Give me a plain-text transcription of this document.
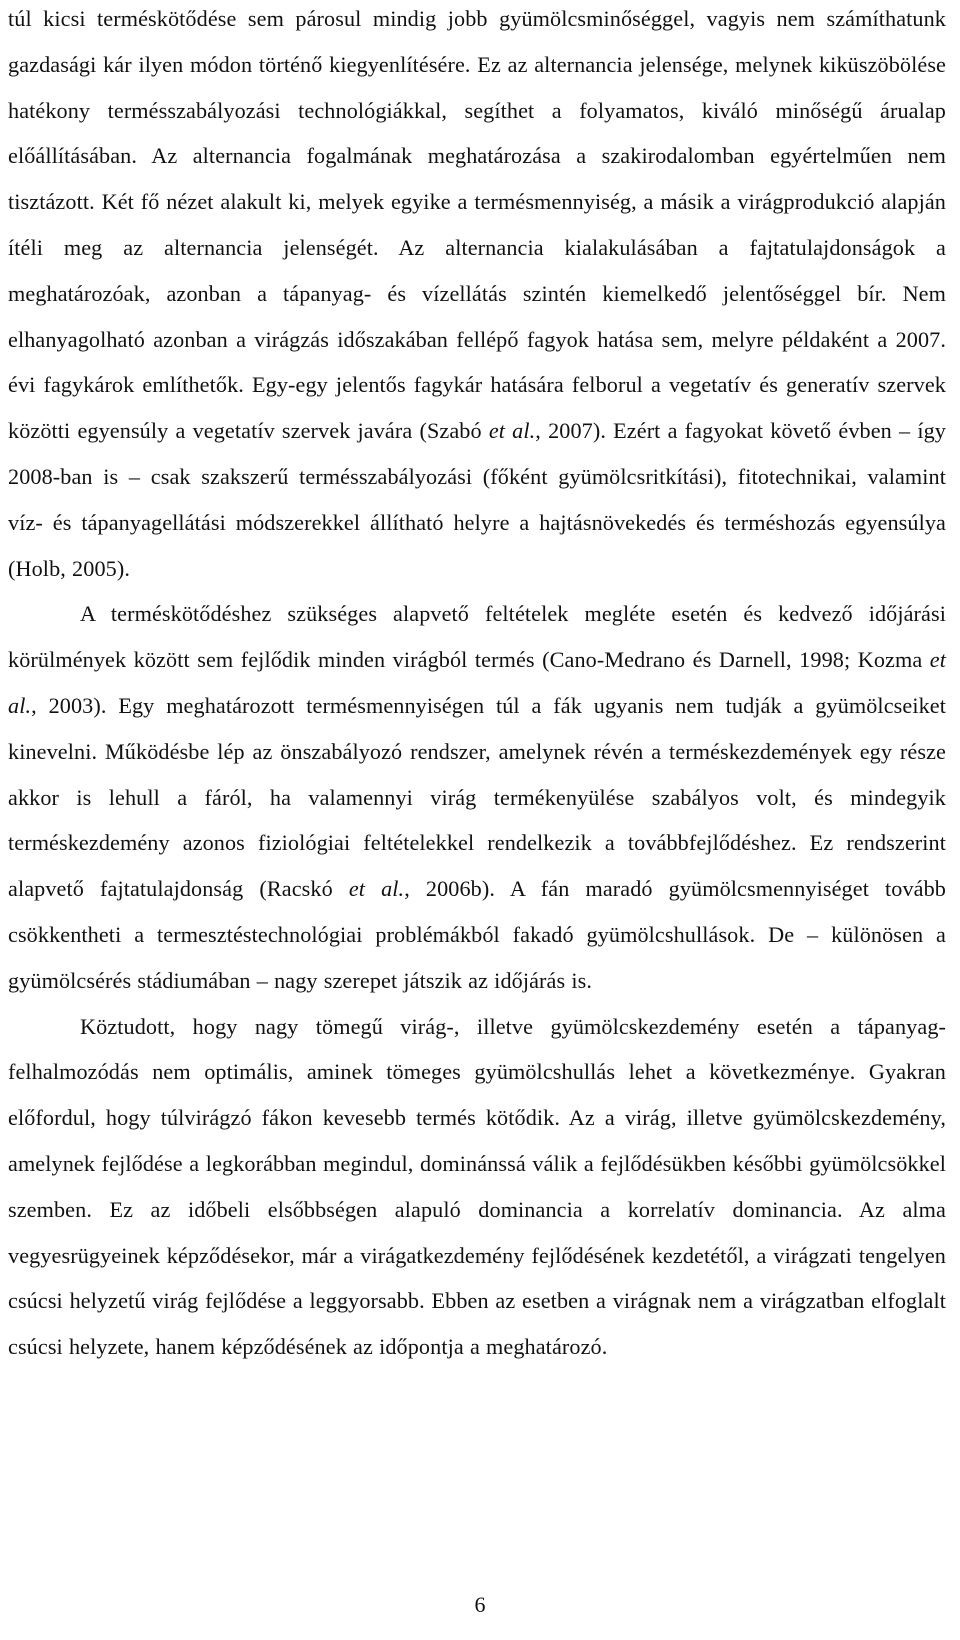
túl kicsi terméskötődése sem párosul mindig jobb gyümölcsminőséggel, vagyis nem számíthatunk gazdasági kár ilyen módon történő kiegyenlítésére. Ez az alternancia jelensége, melynek kiküszöbölése hatékony termésszabályozási technológiákkal, segíthet a folyamatos, kiváló minőségű árualap előállításában. Az alternancia fogalmának meghatározása a szakirodalomban egyértelműen nem tisztázott. Két fő nézet alakult ki, melyek egyike a termésmennyiség, a másik a virágprodukció alapján ítéli meg az alternancia jelenségét. Az alternancia kialakulásában a fajtatulajdonságok a meghatározóak, azonban a tápanyag- és vízellátás szintén kiemelkedő jelentőséggel bír. Nem elhanyagolható azonban a virágzás időszakában fellépő fagyok hatása sem, melyre példaként a 2007. évi fagykárok említhetők. Egy-egy jelentős fagykár hatására felborul a vegetatív és generatív szervek közötti egyensúly a vegetatív szervek javára (Szabó et al., 2007). Ezért a fagyokat követő évben – így 2008-ban is – csak szakszerű termésszabályozási (főként gyümölcsritkítási), fitotechnikai, valamint víz- és tápanyagellátási módszerekkel állítható helyre a hajtásnövekedés és terméshozás egyensúlya (Holb, 2005).

A terméskötődéshez szükséges alapvető feltételek megléte esetén és kedvező időjárási körülmények között sem fejlődik minden virágból termés (Cano-Medrano és Darnell, 1998; Kozma et al., 2003). Egy meghatározott termésmennyiségen túl a fák ugyanis nem tudják a gyümölcseiket kinevelni. Működésbe lép az önszabályozó rendszer, amelynek révén a terméskezdemények egy része akkor is lehull a fáról, ha valamennyi virág termékenyülése szabályos volt, és mindegyik terméskezdemény azonos fiziológiai feltételekkel rendelkezik a továbbfejlődéshez. Ez rendszerint alapvető fajtatulajdonság (Racskó et al., 2006b). A fán maradó gyümölcsmennyiséget tovább csökkentheti a termesztéstechnológiai problémákból fakadó gyümölcshullások. De – különösen a gyümölcsérés stádiumában – nagy szerepet játszik az időjárás is.

Köztudott, hogy nagy tömegű virág-, illetve gyümölcskezdemény esetén a tápanyag-felhalmozódás nem optimális, aminek tömeges gyümölcshullás lehet a következménye. Gyakran előfordul, hogy túlvirágzó fákon kevesebb termés kötődik. Az a virág, illetve gyümölcskezdemény, amelynek fejlődése a legkorábban megindul, dominánssá válik a fejlődésükben későbbi gyümölcsökkel szemben. Ez az időbeli elsőbbségen alapuló dominancia a korrelatív dominancia. Az alma vegyesrügyeinek képződésekor, már a virágatkezdemény fejlődésének kezdetétől, a virágzati tengelyen csúcsi helyzetű virág fejlődése a leggyorsabb. Ebben az esetben a virágnak nem a virágzatban elfoglalt csúcsi helyzete, hanem képződésének az időpontja a meghatározó.

6
